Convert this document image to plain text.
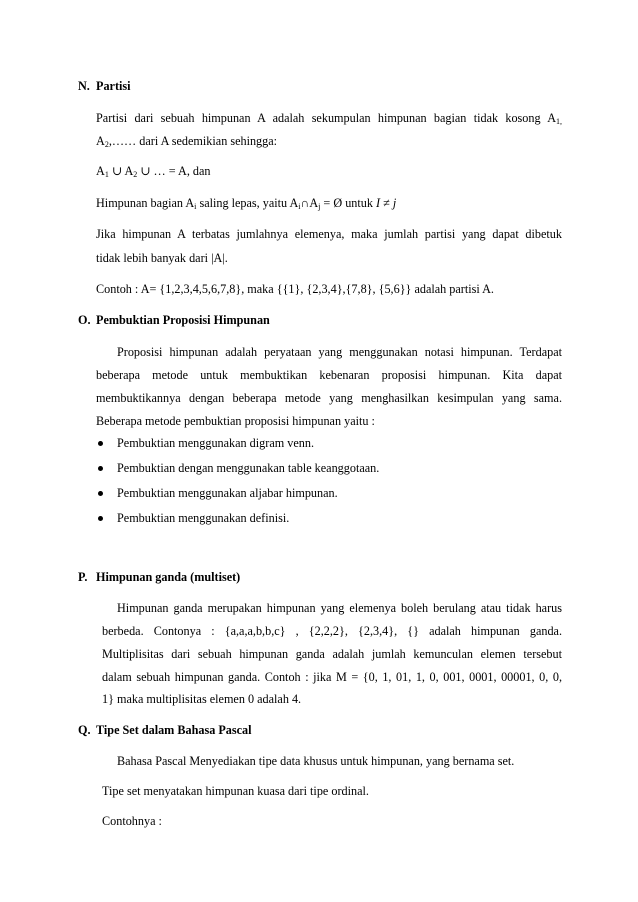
N. Partisi
Partisi dari sebuah himpunan A adalah sekumpulan himpunan bagian tidak kosong $A_{1,}$
$A_2,\dots\dots$ dari A sedemikian sehingga:
$A_1$ ∪ $A_2$ ∪ … = A, dan
Himpunan bagian $A_i$ saling lepas, yaitu $A_i\cap A_j$ = Ø untuk I ≠ j
Jika himpunan A terbatas jumlahnya elemenya, maka jumlah partisi yang dapat dibetuk
tidak lebih banyak dari |A|.
Contoh : A= {1,2,3,4,5,6,7,8}, maka {{1}, {2,3,4},{7,8}, {5,6}} adalah partisi A.
O. Pembuktian Proposisi Himpunan
Proposisi himpunan adalah peryataan yang menggunakan notasi himpunan. Terdapat
beberapa metode untuk membuktikan kebenaran proposisi himpunan. Kita dapat
membuktikannya dengan beberapa metode yang menghasilkan kesimpulan yang sama.
Beberapa metode pembuktian proposisi himpunan yaitu :
Pembuktian menggunakan digram venn.
Pembuktian dengan menggunakan table keanggotaan.
Pembuktian menggunakan aljabar himpunan.
Pembuktian menggunakan definisi.
P. Himpunan ganda (multiset)
Himpunan ganda merupakan himpunan yang elemenya boleh berulang atau tidak harus
berbeda. Contonya : {a,a,a,b,b,c} , {2,2,2}, {2,3,4}, {} adalah himpunan ganda.
Multiplisitas dari sebuah himpunan ganda adalah jumlah kemunculan elemen tersebut
dalam sebuah himpunan ganda. Contoh : jika M = {0, 1, 01, 1, 0, 001, 0001, 00001, 0, 0,
1} maka multiplisitas elemen 0 adalah 4.
Q. Tipe Set dalam Bahasa Pascal
Bahasa Pascal Menyediakan tipe data khusus untuk himpunan, yang bernama set.
Tipe set menyatakan himpunan kuasa dari tipe ordinal.
Contohnya :
